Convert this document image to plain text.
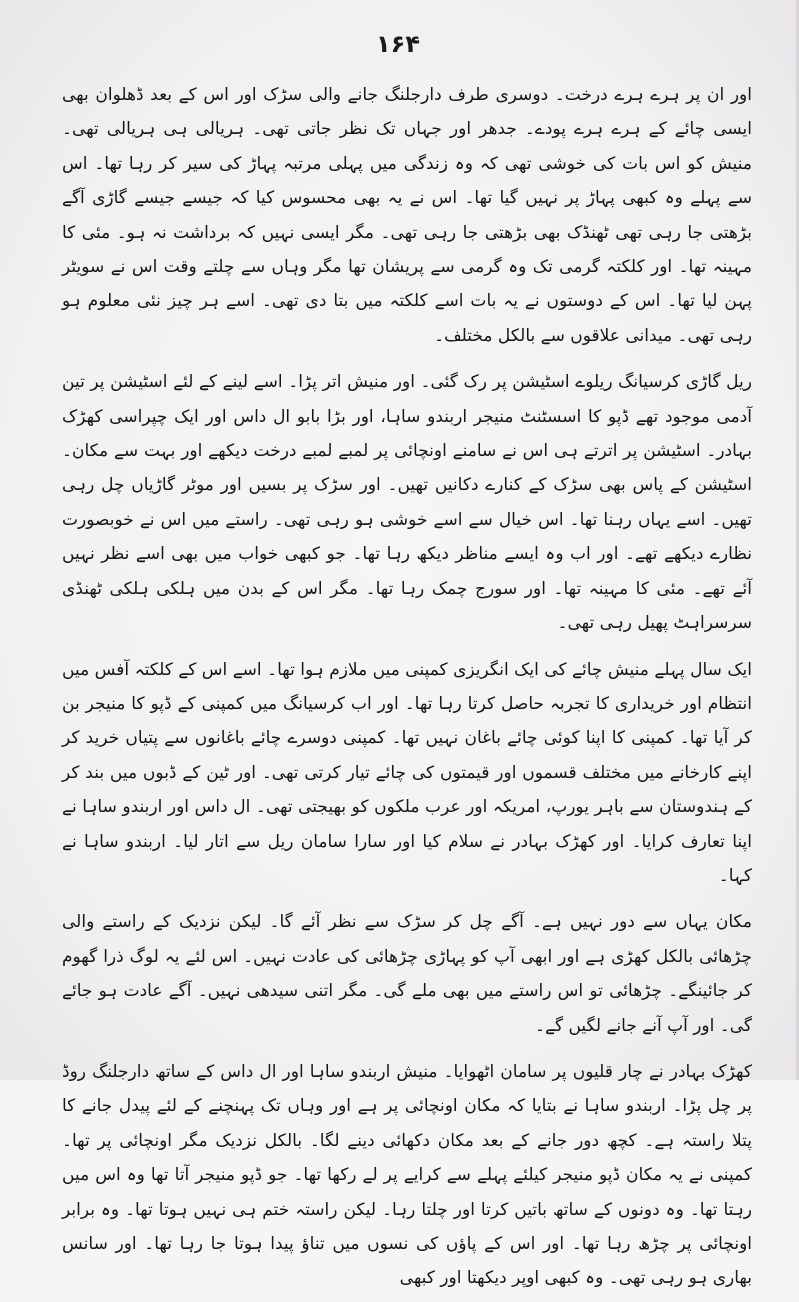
۱۶۴

اور ان پر ہرے ہرے درخت۔ دوسری طرف دارجلنگ جانے والی سڑک اور اس کے بعد ڈھلوان بھی ایسی چائے کے ہرے ہرے پودے۔ جدھر اور جہاں تک نظر جاتی تھی۔ ہریالی ہی ہریالی تھی۔ منیش کو اس بات کی خوشی تھی کہ وہ زندگی میں پہلی مرتبہ پہاڑ کی سیر کر رہا تھا۔ اس سے پہلے وہ کبھی پہاڑ پر نہیں گیا تھا۔ اس نے یہ بھی محسوس کیا کہ جیسے جیسے گاڑی آگے بڑھتی جا رہی تھی ٹھنڈک بھی بڑھتی جا رہی تھی۔ مگر ایسی نہیں کہ برداشت نہ ہو۔ مئی کا مہینہ تھا۔ اور کلکتہ گرمی تک وہ گرمی سے پریشان تھا مگر وہاں سے چلتے وقت اس نے سویٹر پہن لیا تھا۔ اس کے دوستوں نے یہ بات اسے کلکتہ میں بتا دی تھی۔ اسے ہر چیز نئی معلوم ہو رہی تھی۔ میدانی علاقوں سے بالکل مختلف۔

ریل گاڑی کرسیانگ ریلوے اسٹیشن پر رک گئی۔ اور منیش اتر پڑا۔ اسے لینے کے لئے اسٹیشن پر تین آدمی موجود تھے ڈپو کا اسسٹنٹ منیجر اربندو ساہا، اور بڑا بابو ال داس اور ایک چپراسی کھڑک بہادر۔ اسٹیشن پر اترتے ہی اس نے سامنے اونچائی پر لمبے لمبے درخت دیکھے اور بہت سے مکان۔ اسٹیشن کے پاس بھی سڑک کے کنارے دکانیں تھیں۔ اور سڑک پر بسیں اور موٹر گاڑیاں چل رہی تھیں۔ اسے یہاں رہنا تھا۔ اس خیال سے اسے خوشی ہو رہی تھی۔ راستے میں اس نے خوبصورت نظارے دیکھے تھے۔ اور اب وہ ایسے مناظر دیکھ رہا تھا۔ جو کبھی خواب میں بھی اسے نظر نہیں آئے تھے۔ مئی کا مہینہ تھا۔ اور سورج چمک رہا تھا۔ مگر اس کے بدن میں ہلکی ہلکی ٹھنڈی سرسراہٹ پھیل رہی تھی۔

ایک سال پہلے منیش چائے کی ایک انگریزی کمپنی میں ملازم ہوا تھا۔ اسے اس کے کلکتہ آفس میں انتظام اور خریداری کا تجربہ حاصل کرتا رہا تھا۔ اور اب کرسیانگ میں کمپنی کے ڈپو کا منیجر بن کر آیا تھا۔ کمپنی کا اپنا کوئی چائے باغان نہیں تھا۔ کمپنی دوسرے چائے باغانوں سے پتیاں خرید کر اپنے کارخانے میں مختلف قسموں اور قیمتوں کی چائے تیار کرتی تھی۔ اور ٹین کے ڈبوں میں بند کر کے ہندوستان سے باہر یورپ، امریکہ اور عرب ملکوں کو بھیجتی تھی۔ ال داس اور اربندو ساہا نے اپنا تعارف کرایا۔ اور کھڑک بہادر نے سلام کیا اور سارا سامان ریل سے اتار لیا۔ اربندو ساہا نے کہا۔

مکان یہاں سے دور نہیں ہے۔ آگے چل کر سڑک سے نظر آئے گا۔ لیکن نزدیک کے راستے والی چڑھائی بالکل کھڑی ہے اور ابھی آپ کو پہاڑی چڑھائی کی عادت نہیں۔ اس لئے یہ لوگ ذرا گھوم کر جائینگے۔ چڑھائی تو اس راستے میں بھی ملے گی۔ مگر اتنی سیدھی نہیں۔ آگے عادت ہو جائے گی۔ اور آپ آنے جانے لگیں گے۔

کھڑک بہادر نے چار قلیوں پر سامان اٹھوایا۔ منیش اربندو ساہا اور ال داس کے ساتھ دارجلنگ روڈ پر چل پڑا۔ اربندو ساہا نے بتایا کہ مکان اونچائی پر ہے اور وہاں تک پہنچنے کے لئے پیدل جانے کا پتلا راستہ ہے۔ کچھ دور جانے کے بعد مکان دکھائی دینے لگا۔ بالکل نزدیک مگر اونچائی پر تھا۔ کمپنی نے یہ مکان ڈپو منیجر کیلئے پہلے سے کرایے پر لے رکھا تھا۔ جو ڈپو منیجر آتا تھا وہ اس میں رہتا تھا۔ وہ دونوں کے ساتھ باتیں کرتا اور چلتا رہا۔ لیکن راستہ ختم ہی نہیں ہوتا تھا۔ وہ برابر اونچائی پر چڑھ رہا تھا۔ اور اس کے پاؤں کی نسوں میں تناؤ پیدا ہوتا جا رہا تھا۔ اور سانس بھاری ہو رہی تھی۔ وہ کبھی اوپر دیکھتا اور کبھی
